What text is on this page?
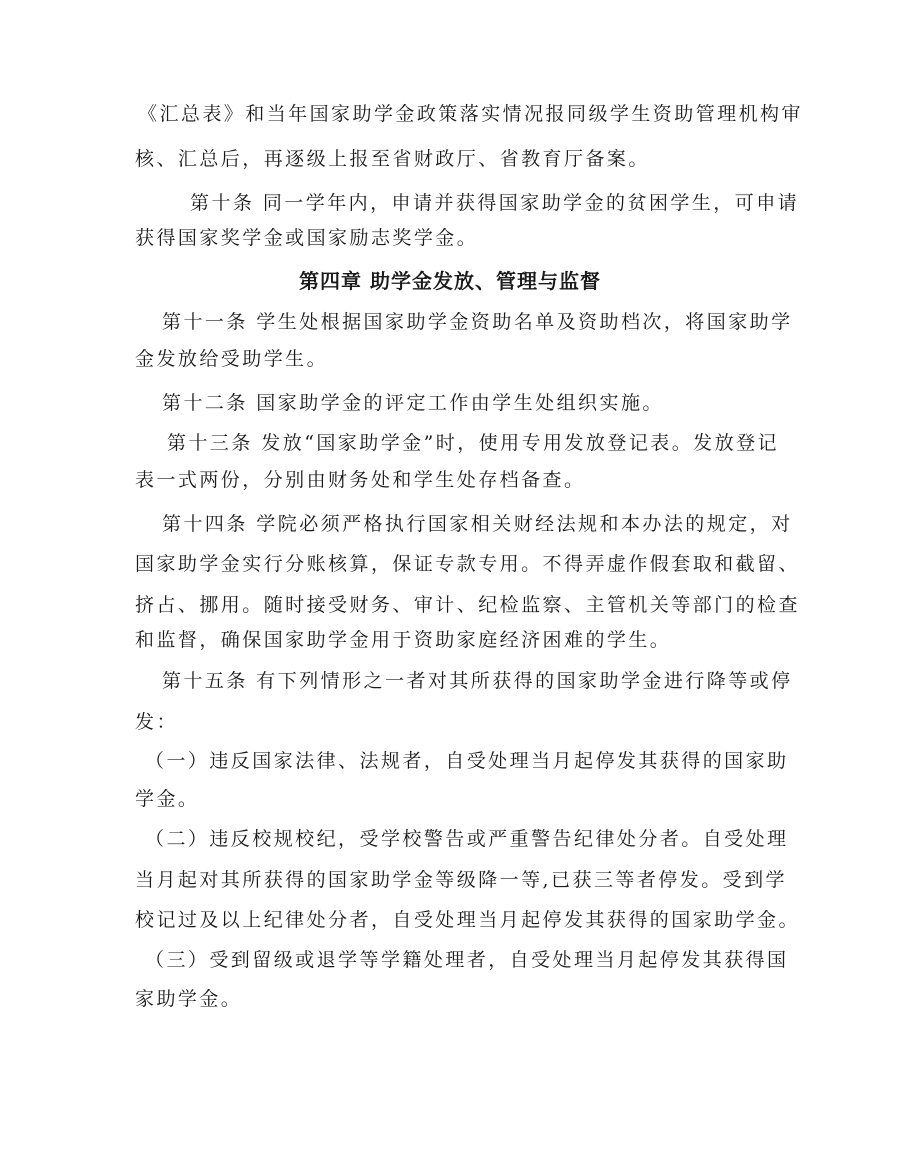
《汇总表》和当年国家助学金政策落实情况报同级学生资助管理机构审
核、汇总后，再逐级上报至省财政厅、省教育厅备案。
第十条 同一学年内，申请并获得国家助学金的贫困学生，可申请
获得国家奖学金或国家励志奖学金。
第四章 助学金发放、管理与监督
第十一条 学生处根据国家助学金资助名单及资助档次，将国家助学
金发放给受助学生。
第十二条 国家助学金的评定工作由学生处组织实施。
第十三条 发放“国家助学金”时，使用专用发放登记表。发放登记
表一式两份，分别由财务处和学生处存档备查。
第十四条 学院必须严格执行国家相关财经法规和本办法的规定，对
国家助学金实行分账核算，保证专款专用。不得弄虚作假套取和截留、
挤占、挪用。随时接受财务、审计、纪检监察、主管机关等部门的检查
和监督，确保国家助学金用于资助家庭经济困难的学生。
第十五条 有下列情形之一者对其所获得的国家助学金进行降等或停
发：
（一）违反国家法律、法规者，自受处理当月起停发其获得的国家助
学金。
（二）违反校规校纪，受学校警告或严重警告纪律处分者。自受处理
当月起对其所获得的国家助学金等级降一等,已获三等者停发。受到学
校记过及以上纪律处分者，自受处理当月起停发其获得的国家助学金。
（三）受到留级或退学等学籍处理者，自受处理当月起停发其获得国
家助学金。
